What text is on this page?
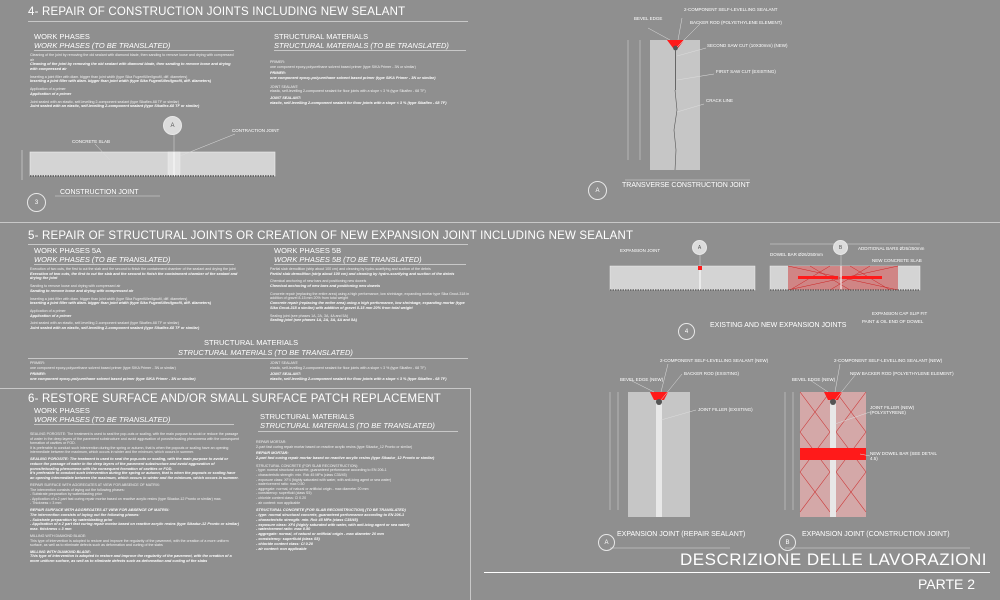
4- REPAIR OF CONSTRUCTION JOINTS INCLUDING NEW SEALANT
WORK PHASES
WORK PHASES (TO BE TRANSLATED)
Cleaning of the joint by removing the old sealant with diamond blade, then sanding to remove loose and drying with compressed air
Cleaning of the joint by removing the old sealant with diamond blade, then sanding to remove loose and drying with compressed air
Inserting a joint filler with diam. bigger than joint width (type Sika Fugenfüller/Ignofil, diff. diameters)
Inserting a joint filler with diam. bigger than joint width (type Sika Fugenfüller/Ignofil, diff. diameters)
Application of a primer
Application of a primer
Joint sealed with an elastic, self-levelling 2-component sealant (type Sikaflex-68 TF or similar)
Joint sealed with an elastic, self-levelling 2-component sealant (type Sikaflex-68 TF or similar)
STRUCTURAL MATERIALS
STRUCTURAL MATERIALS (TO BE TRANSLATED)
PRIMER:
one component epoxy-polyurethane solvent based primer (type SIKA Primer - 3N or similar)
PRIMER:
one component epoxy-polyurethane solvent based primer (type SIKA Primer - 3N or similar)
JOINT SEALANT:
elastic, self-levelling 2-component sealant for floor joints with a slope < 3 % (type Sikaflex - 68 TF)
JOINT SEALANT:
elastic, self-levelling 2-component sealant for floor joints with a slope < 3 % (type Sikaflex - 68 TF)
A
CONCRETE SLAB
CONTRACTION JOINT
3
CONSTRUCTION JOINT
BEVEL EDGE
2-COMPONENT SELF-LEVELLING SEALANT
BACKER ROD (POLYETHYLENE ELEMENT)
SECOND SAW CUT (10X30mm) (NEW)
FIRST SAW CUT (EXISTING)
CRACK LINE
A
TRANSVERSE CONSTRUCTION JOINT
5- REPAIR OF STRUCTURAL JOINTS OR CREATION OF NEW EXPANSION JOINT INCLUDING NEW SEALANT
WORK PHASES 5A
WORK PHASES (TO BE TRANSLATED)
Execution of two cuts, the first to cut the slab and the second to finish the containment chamber of the sealant and drying the joint
Execution of two cuts, the first to cut the slab and the second to finish the containment chamber of the sealant and drying the joint
Sanding to remove loose and drying with compressed air
Sanding to remove loose and drying with compressed air
Inserting a joint filler with diam. bigger than joint width (type Sika Fugenfüller/Ignofil, diff. diameters)
Inserting a joint filler with diam. bigger than joint width (type Sika Fugenfüller/Ignofil, diff. diameters)
Application of a primer
Application of a primer
Joint sealed with an elastic, self-levelling 2-component sealant (type Sikaflex-68 TF or similar)
Joint sealed with an elastic, self-levelling 2-component sealant (type Sikaflex-68 TF or similar)
WORK PHASES 5B
WORK PHASES 5B (TO BE TRANSLATED)
Partial slab demolition (strip about 100 cm) and cleaning by hydro-scarifying and suction of the debris
Partial slab demolition (strip about 100 cm) and cleaning by hydro-scarifying and suction of the debris
Chemical anchoring of new bars and positioning new dowels
Chemical anchoring of new bars and positioning new dowels
Concrete repair (replacing the entire area) using a high performance, low shrinkage, expanding mortar type Sika Grout-318 in addition of gravel 8-15 mm 20% from total weight
Concrete repair (replacing the entire area) using a high performance, low shrinkage, expanding mortar (type Sika Grout-318 a similar) with addition of gravel 8-15 mm 20% from total weight
Sealing joint (see phases 1A, 2A, 3A, 4A and 5A)
Sealing joint (see phases 1A, 2A, 3A, 4A and 5A)
STRUCTURAL MATERIALS
STRUCTURAL MATERIALS (TO BE TRANSLATED)
PRIMER:
one component epoxy-polyurethane solvent based primer (type SIKA Primer - 3N or similar)
PRIMER:
one component epoxy-polyurethane solvent based primer (type SIKA Primer - 3N or similar)
JOINT SEALANT:
elastic, self-levelling 2-component sealant for floor joints with a slope < 3 % (type Sikaflex - 68 TF)
JOINT SEALANT:
elastic, self-levelling 2-component sealant for floor joints with a slope < 3 % (type Sikaflex - 68 TF)
A	B
EXPANSION JOINT
DOWEL BAR Ø26/250mm
ADDITIONAL BARS Ø26/250mm
NEW CONCRETE SLAB
EXPANSION CAP SLIP FIT
PAINT & OIL END OF DOWEL
4
EXISTING AND NEW EXPANSION JOINTS
6- RESTORE SURFACE AND/OR SMALL SURFACE PATCH REPLACEMENT
WORK PHASES
WORK PHASES (TO BE TRANSLATED)
SEALING POROSITE: The treatment is used to seal the pop-outs or scaling, with the main purpose to avoid or reduce the passage of water in the deep layers of the pavement substructure and avoid aggravation of porosite/scaling phenomena with the consequent formation of cavities or FOD.
It is preferable to conduct such intervention during the spring or autumn, that is when the popouts or scaling have an opening intermediate between the maximum, which occurs in winter and the minimum, which occurs in summer.
SEALING POROSITE: The treatment is used to seal the pop-outs or scaling, with the main purpose to avoid or reduce the passage of water in the deep layers of the pavement substructure and avoid aggravation of porosite/scaling phenomena with the consequent formation of cavities or FOD.
It's preferable to conduct such intervention during the spring or autumn, that is when the popouts or scaling have an opening intermediate between the maximum, which occurs in winter and the minimum, which occurs in summer.
REPAIR SURFACE WITH AGGREGATES AT VIEW FOR ABSENCE OF MATRIX:
The intervention consists of laying out the following phases:
- Substrate preparation by waterblasting prior
- Application of a 2 part fast curing repair mortar based on reactive acrylic resins (type Sikadur-12 Pronto or similar) max.
- Thickness = 3 mm
REPAIR SURFACE WITH AGGREGATES AT VIEW FOR ABSENCE OF MATRIX:
The intervention consists of laying out the following phases:
- Substrate preparation by waterblasting prior
- Application of a 2 part fast curing repair mortar based on reactive acrylic resins (type Sikadur-12 Pronto or similar) max. thickness = 3 mm
MILLING WITH DIAMOND BLADE:
This type of intervention is adopted to restore and improve the regularity of the pavement, with the creation of a more uniform surface, as well as to eliminate defects such as deformation and curling of the slabs
MILLING WITH DIAMOND BLADE:
This type of intervention is adopted to restore and improve the regularity of the pavement, with the creation of a more uniform surface, as well as to eliminate defects such as deformation and curling of the slabs
STRUCTURAL MATERIALS
STRUCTURAL MATERIALS (TO BE TRANSLATED)
REPAIR MORTAR:
2-part fast curing repair mortar based on reactive acrylic resins (type Sikadur_12 Pronto or similar)
REPAIR MORTAR:
2-part fast curing repair mortar based on reactive acrylic resins (type Sikadur_12 Pronto or similar)
STRUCTURAL CONCRETE (FOR SLAB RECONSTRUCTION):
- type: normal structural concrete, guaranteed performance according to EN 206-1
- characteristic strength: min. Rck 45 MPa (class C35/45)
- exposure class: XF4 (highly saturated with water, with anti-icing agent or sea water)
- water/cement ratio: max 0.50
- aggregate: normal, of natural or artificial origin - max diameter 20 mm
- consistency: superfluid (class S5)
- chloride content class: Cl 0.20
- air content: non applicable
STRUCTURAL CONCRETE (FOR SLAB RECONSTRUCTION) (TO BE TRANSLATED)
- type: normal structural concrete, guaranteed performance according to EN 206-1
- characteristic strength: min. Rck 45 MPa (class C35/45)
- exposure class: XF4 (highly saturated with water, with anti-icing agent or sea water)
- water/cement ratio: max 0.50
- aggregate: normal, of natural or artificial origin - max diameter 20 mm
- consistency: superfluid (class S5)
- chloride content class: Cl 0.20
- air content: non applicable
BEVEL EDGE (NEW)
2-COMPONENT SELF-LEVELLING SEALANT (NEW)
BACKER ROD (EXISTING)
JOINT FILLER (EXISTING)
A
EXPANSION JOINT (REPAIR SEALANT)
BEVEL EDGE (NEW)
2-COMPONENT SELF-LEVELLING SEALANT (NEW)
NEW BACKER ROD (POLYETHYLENE ELEMENT)
JOINT FILLER (NEW) (POLYSTYRENE)
NEW DOWEL BAR (SEE DETAIL 4.5)
B
EXPANSION JOINT (CONSTRUCTION JOINT)
DESCRIZIONE DELLE LAVORAZIONI
PARTE 2
